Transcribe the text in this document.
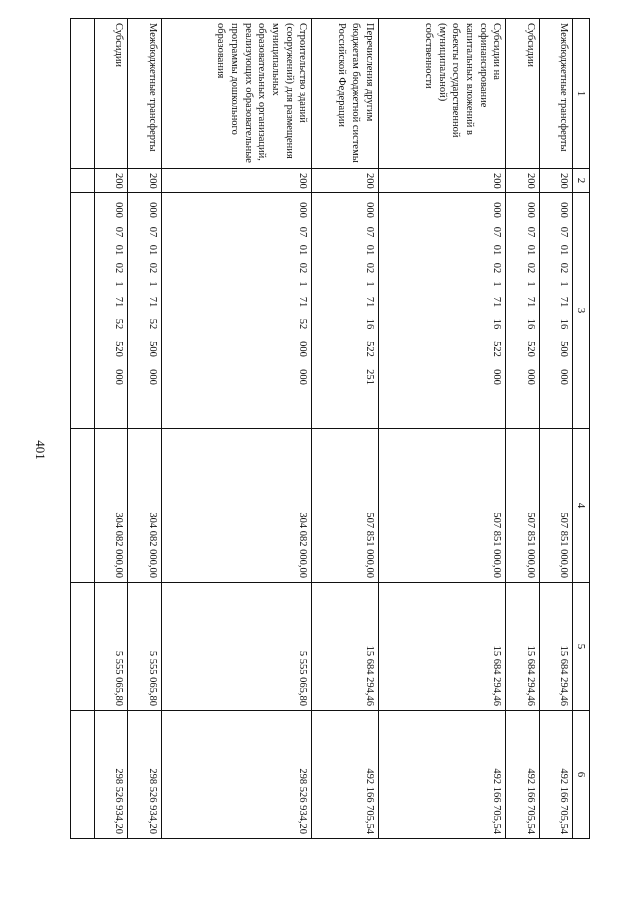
401
1	2	3	4	5	6
Межбюджетные трансферты	200	00007010217116500000	507 851 000,00	15 684 294,46	492 166 705,54
Субсидии	200	00007010217116520000	507 851 000,00	15 684 294,46	492 166 705,54
Субсидии на софинансирование капитальных вложений в объекты государственной (муниципальной) собственности	200	00007010217116522000	507 851 000,00	15 684 294,46	492 166 705,54
Перечисления другим бюджетам бюджетной системы Российской Федерации	200	00007010217116522251	507 851 000,00	15 684 294,46	492 166 705,54
Строительство зданий (сооружений) для размещения муниципальных образовательных организаций, реализующих образовательные программы дошкольного образования	200	00007010217152000000	304 082 000,00	5 555 065,80	298 526 934,20
Межбюджетные трансферты	200	00007010217152500000	304 082 000,00	5 555 065,80	298 526 934,20
Субсидии	200	00007010217152520000	304 082 000,00	5 555 065,80	298 526 934,20
